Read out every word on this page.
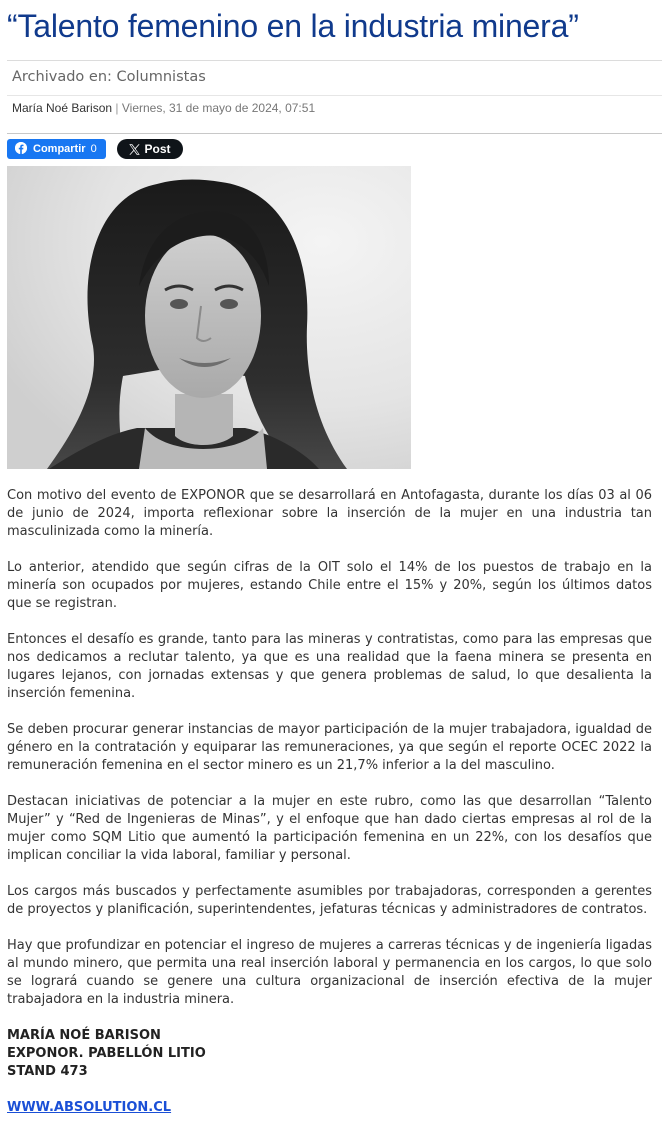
“Talento femenino en la industria minera”
Archivado en: Columnistas
María Noé Barison | Viernes, 31 de mayo de 2024, 07:51
Compartir 0	Post

Con motivo del evento de EXPONOR que se desarrollará en Antofagasta, durante los días 03 al 06 de junio de 2024, importa reflexionar sobre la inserción de la mujer en una industria tan masculinizada como la minería.

Lo anterior, atendido que según cifras de la OIT solo el 14% de los puestos de trabajo en la minería son ocupados por mujeres, estando Chile entre el 15% y 20%, según los últimos datos que se registran.

Entonces el desafío es grande, tanto para las mineras y contratistas, como para las empresas que nos dedicamos a reclutar talento, ya que es una realidad que la faena minera se presenta en lugares lejanos, con jornadas extensas y que genera problemas de salud, lo que desalienta la inserción femenina.

Se deben procurar generar instancias de mayor participación de la mujer trabajadora, igualdad de género en la contratación y equiparar las remuneraciones, ya que según el reporte OCEC 2022 la remuneración femenina en el sector minero es un 21,7% inferior a la del masculino.

Destacan iniciativas de potenciar a la mujer en este rubro, como las que desarrollan “Talento Mujer” y “Red de Ingenieras de Minas”, y el enfoque que han dado ciertas empresas al rol de la mujer como SQM Litio que aumentó la participación femenina en un 22%, con los desafíos que implican conciliar la vida laboral, familiar y personal.

Los cargos más buscados y perfectamente asumibles por trabajadoras, corresponden a gerentes de proyectos y planificación, superintendentes, jefaturas técnicas y administradores de contratos.

Hay que profundizar en potenciar el ingreso de mujeres a carreras técnicas y de ingeniería ligadas al mundo minero, que permita una real inserción laboral y permanencia en los cargos, lo que solo se logrará cuando se genere una cultura organizacional de inserción efectiva de la mujer trabajadora en la industria minera.

MARÍA NOÉ BARISON
EXPONOR. PABELLÓN LITIO
STAND 473
WWW.ABSOLUTION.CL
